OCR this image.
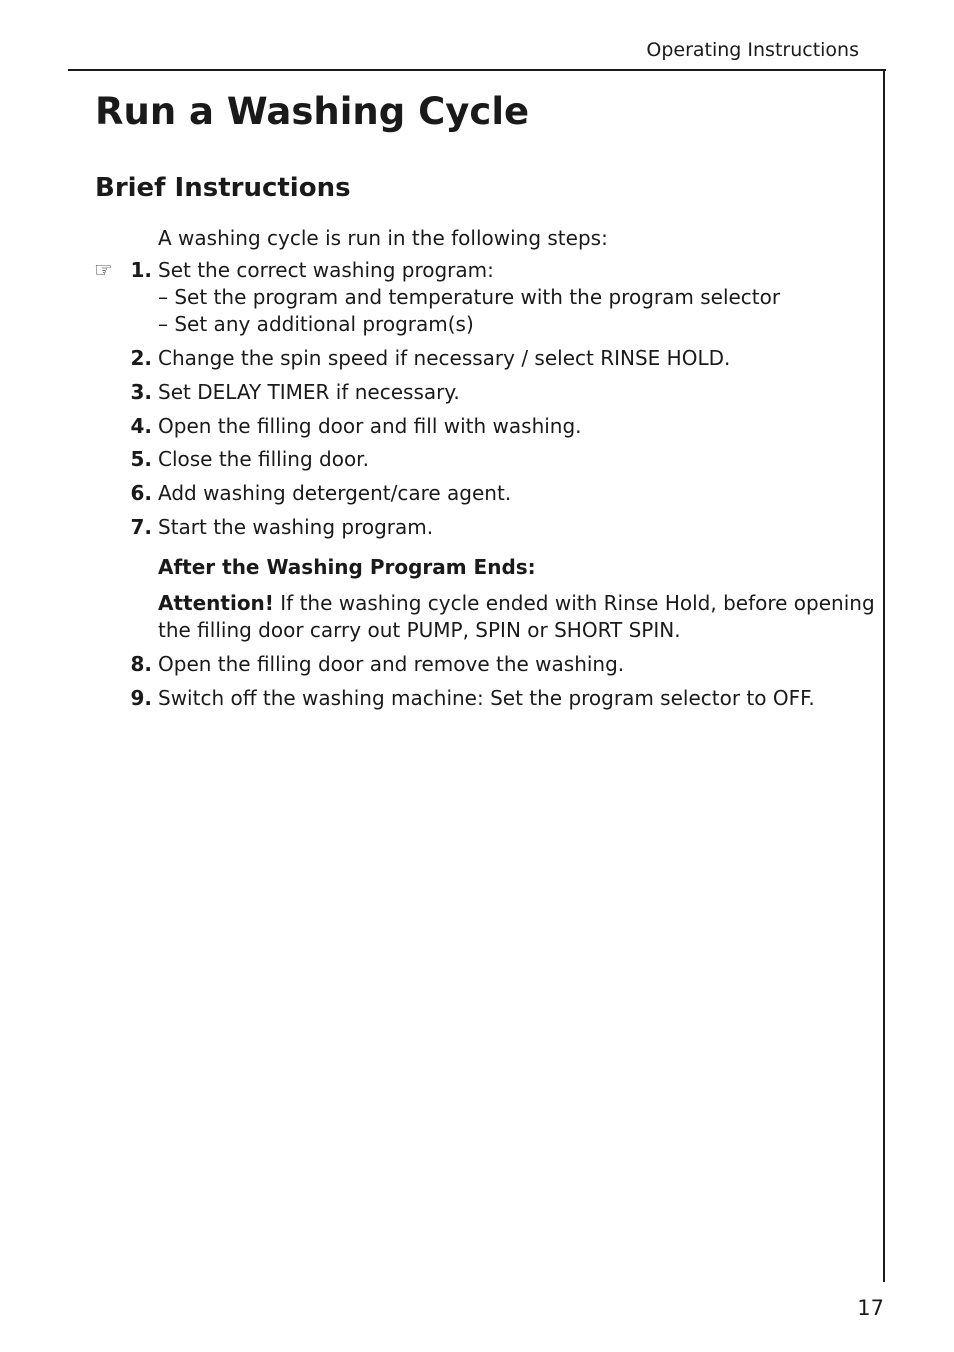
Operating Instructions
Run a Washing Cycle
Brief Instructions
A washing cycle is run in the following steps:
☞ 1. Set the correct washing program:
– Set the program and temperature with the program selector
– Set any additional program(s)
2. Change the spin speed if necessary / select RINSE HOLD.
3. Set DELAY TIMER if necessary.
4. Open the filling door and fill with washing.
5. Close the filling door.
6. Add washing detergent/care agent.
7. Start the washing program.
After the Washing Program Ends:
Attention! If the washing cycle ended with Rinse Hold, before opening
the filling door carry out PUMP, SPIN or SHORT SPIN.
8. Open the filling door and remove the washing.
9. Switch off the washing machine: Set the program selector to OFF.
17
